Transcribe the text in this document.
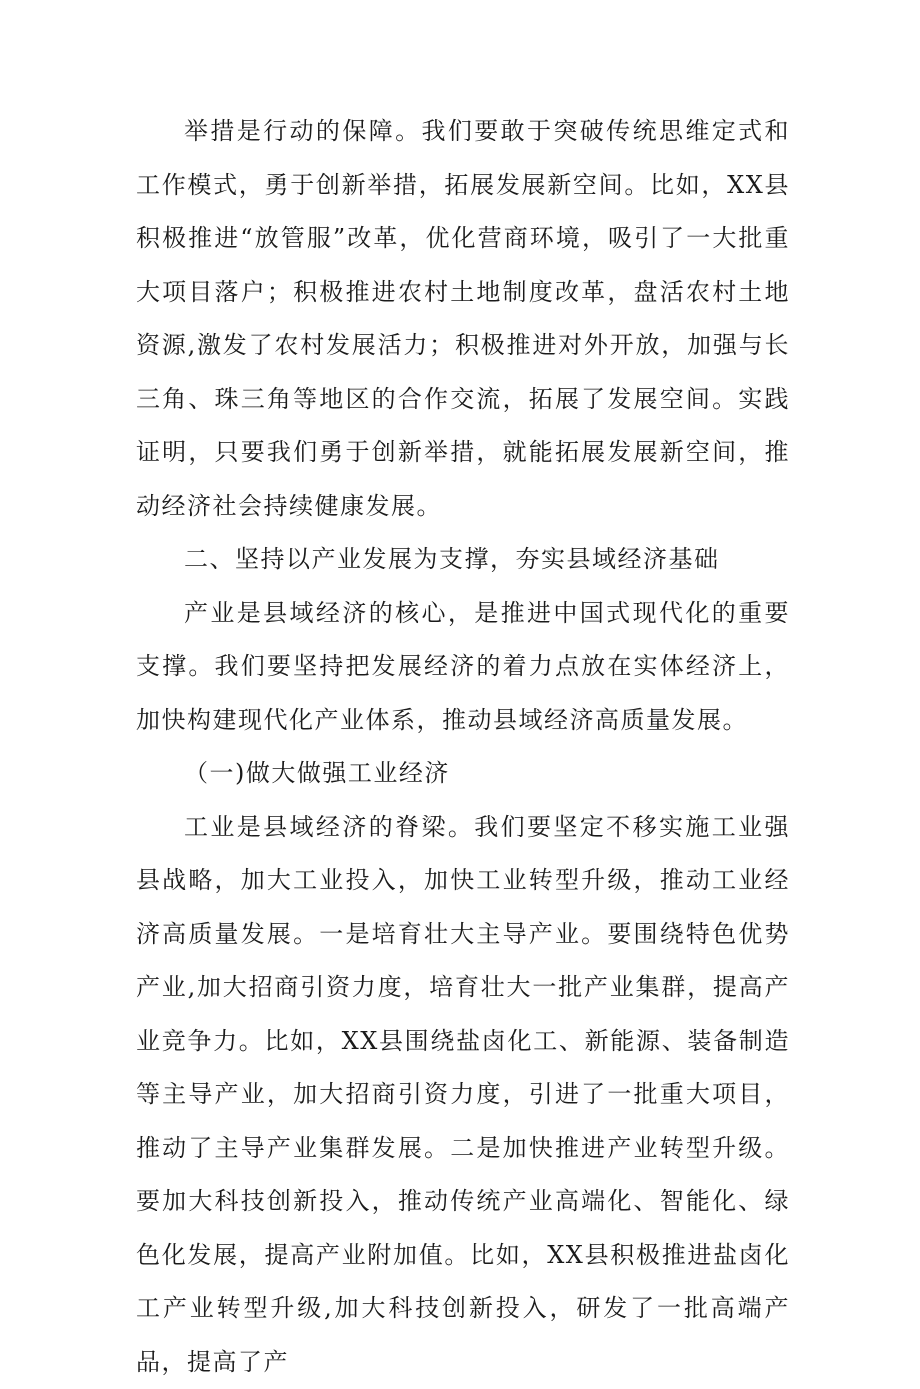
举措是行动的保障。我们要敢于突破传统思维定式和工作模式，勇于创新举措，拓展发展新空间。比如，XX县积极推进“放管服”改革，优化营商环境，吸引了一大批重大项目落户；积极推进农村土地制度改革，盘活农村土地资源,激发了农村发展活力；积极推进对外开放，加强与长三角、珠三角等地区的合作交流，拓展了发展空间。实践证明，只要我们勇于创新举措，就能拓展发展新空间，推动经济社会持续健康发展。

二、坚持以产业发展为支撑，夯实县域经济基础

产业是县域经济的核心，是推进中国式现代化的重要支撑。我们要坚持把发展经济的着力点放在实体经济上，加快构建现代化产业体系，推动县域经济高质量发展。

（一)做大做强工业经济

工业是县域经济的脊梁。我们要坚定不移实施工业强县战略，加大工业投入，加快工业转型升级，推动工业经济高质量发展。一是培育壮大主导产业。要围绕特色优势产业,加大招商引资力度，培育壮大一批产业集群，提高产业竞争力。比如，XX县围绕盐卤化工、新能源、装备制造等主导产业，加大招商引资力度，引进了一批重大项目，推动了主导产业集群发展。二是加快推进产业转型升级。要加大科技创新投入，推动传统产业高端化、智能化、绿色化发展，提高产业附加值。比如，XX县积极推进盐卤化工产业转型升级,加大科技创新投入，研发了一批高端产品，提高了产
